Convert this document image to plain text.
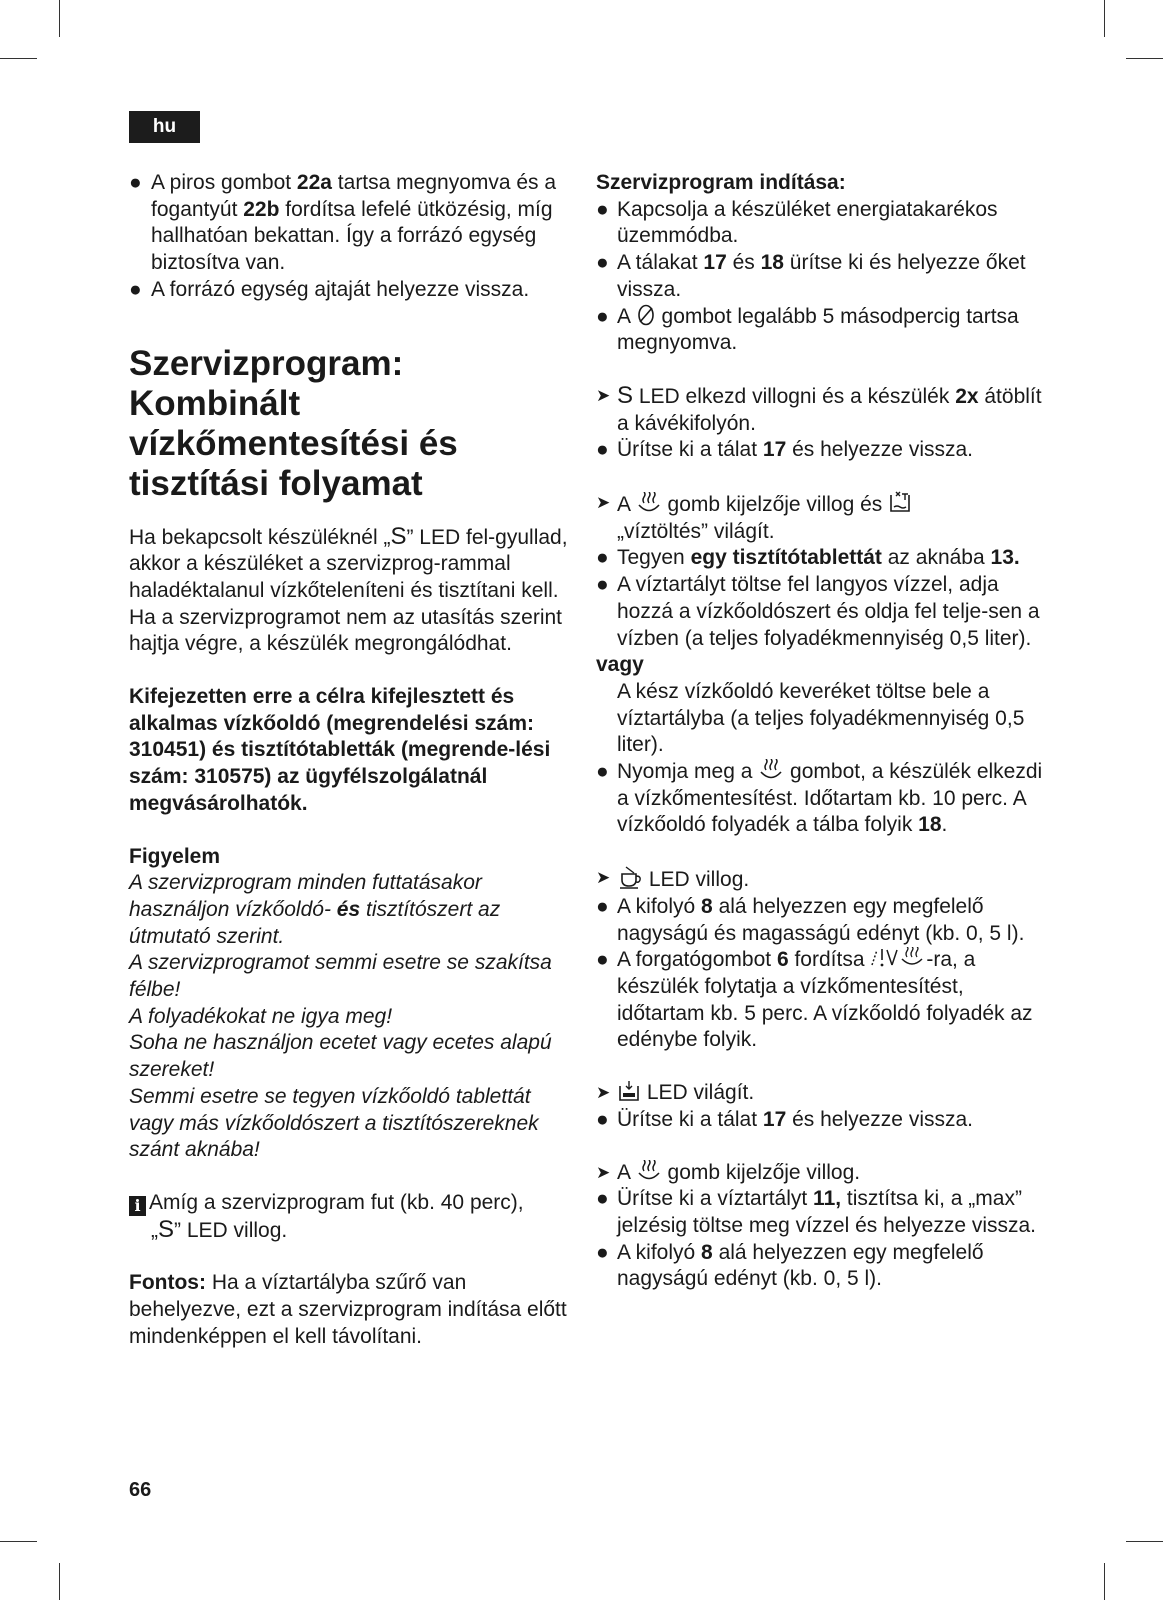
hu

● A piros gombot 22a tartsa megnyomva és a fogantyút 22b fordítsa lefelé ütközésig, míg hallhatóan bekattan. Így a forrázó egység biztosítva van.

● A forrázó egység ajtaját helyezze vissza.

Szervizprogram:
Kombinált
vízkőmentesítési és
tisztítási folyamat

Ha bekapcsolt készüléknél „S” LED fel-gyullad, akkor a készüléket a szervizprog-rammal haladéktalanul vízkőteleníteni és tisztítani kell. Ha a szervizprogramot nem az utasítás szerint hajtja végre, a készülék megrongálódhat.

Kifejezetten erre a célra kifejlesztett és alkalmas vízkőoldó (megrendelési szám: 310451) és tisztítótabletták (megrende-lési szám: 310575) az ügyfélszolgálatnál megvásárolhatók.

Figyelem

A szervizprogram minden futtatásakor használjon vízkőoldó- és tisztítószert az útmutató szerint.

A szervizprogramot semmi esetre se szakítsa félbe!

A folyadékokat ne igya meg!

Soha ne használjon ecetet vagy ecetes alapú szereket!

Semmi esetre se tegyen vízkőoldó tablettát vagy más vízkőoldószert a tisztítószereknek szánt aknába!

i Amíg a szervizprogram fut (kb. 40 perc),
„S” LED villog.

Fontos: Ha a víztartályba szűrő van behelyezve, ezt a szervizprogram indítása előtt mindenképpen el kell távolítani.

Szervizprogram indítása:

● Kapcsolja a készüléket energiatakarékos üzemmódba.

● A tálakat 17 és 18 ürítse ki és helyezze őket vissza.

● A  gombot legalább 5 másodpercig tartsa megnyomva.

➤ S LED elkezd villogni és a készülék 2x átöblít a kávékifolyón.

● Ürítse ki a tálat 17 és helyezze vissza.

➤ A  gomb kijelzője villog és
„víztöltés” világít.

● Tegyen egy tisztítótablettát az aknába 13.

● A víztartályt töltse fel langyos vízzel, adja hozzá a vízkőoldószert és oldja fel telje-sen a vízben (a teljes folyadékmennyiség 0,5 liter).

vagy

A kész vízkőoldó keveréket töltse bele a víztartályba (a teljes folyadékmennyiség 0,5 liter).

● Nyomja meg a  gombot, a készülék elkezdi a vízkőmentesítést. Időtartam kb. 10 perc. A vízkőoldó folyadék a tálba folyik 18.

➤ LED villog.

● A kifolyó 8 alá helyezzen egy megfelelő nagyságú és magasságú edényt (kb. 0, 5 l).

● A forgatógombot 6 fordítsa	-ra, a készülék folytatja a vízkőmentesítést, időtartam kb. 5 perc. A vízkőoldó folyadék az edénybe folyik.

➤ LED világít.

● Ürítse ki a tálat 17 és helyezze vissza.

➤ A  gomb kijelzője villog.

● Ürítse ki a víztartályt 11, tisztítsa ki, a „max” jelzésig töltse meg vízzel és helyezze vissza.

● A kifolyó 8 alá helyezzen egy megfelelő nagyságú edényt (kb. 0, 5 l).

66
